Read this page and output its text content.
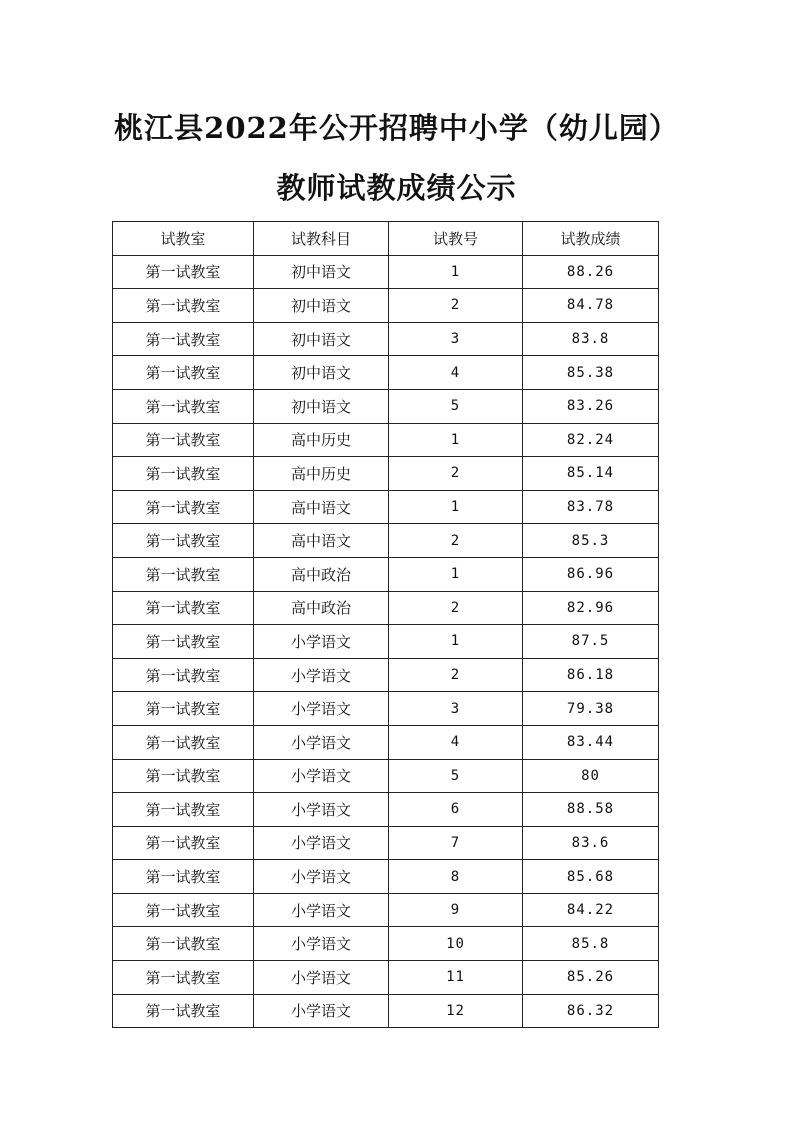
桃江县2022年公开招聘中小学（幼儿园）
教师试教成绩公示
试教室	试教科目	试教号	试教成绩
第一试教室	初中语文	1	88.26
第一试教室	初中语文	2	84.78
第一试教室	初中语文	3	83.8
第一试教室	初中语文	4	85.38
第一试教室	初中语文	5	83.26
第一试教室	高中历史	1	82.24
第一试教室	高中历史	2	85.14
第一试教室	高中语文	1	83.78
第一试教室	高中语文	2	85.3
第一试教室	高中政治	1	86.96
第一试教室	高中政治	2	82.96
第一试教室	小学语文	1	87.5
第一试教室	小学语文	2	86.18
第一试教室	小学语文	3	79.38
第一试教室	小学语文	4	83.44
第一试教室	小学语文	5	80
第一试教室	小学语文	6	88.58
第一试教室	小学语文	7	83.6
第一试教室	小学语文	8	85.68
第一试教室	小学语文	9	84.22
第一试教室	小学语文	10	85.8
第一试教室	小学语文	11	85.26
第一试教室	小学语文	12	86.32
